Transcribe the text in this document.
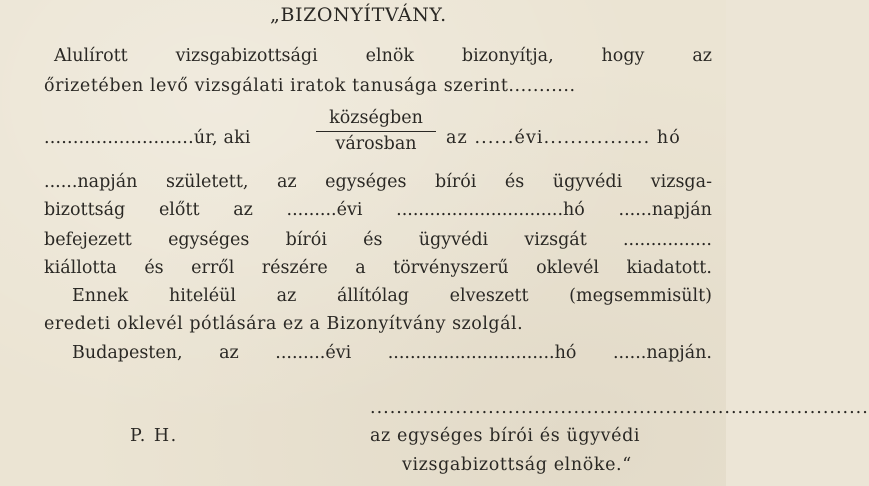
„BIZONYÍTVÁNY.
Alulírott	vizsgabizottsági	elnök	bizonyítja,	hogy	az
őrizetében levő vizsgálati iratok tanusága szerint...........
..........................úr, aki
községben
városban	az ......évi................ hó
......napján született, az egységes bírói és ügyvédi vizsga-
bizottság előtt az .........évi ..............................hó ......napján
befejezett egységes bírói és ügyvédi vizsgát ................
kiállotta és erről részére a törvényszerű oklevél kiadatott.
Ennek hiteléül az állítólag elveszett (megsemmisült)
eredeti oklevél pótlására ez a Bizonyítvány szolgál.
Budapesten, az .........évi ..............................hó ......napján.
............................................................................
P. H.	az egységes bírói és ügyvédi
vizsgabizottság elnöke.“
